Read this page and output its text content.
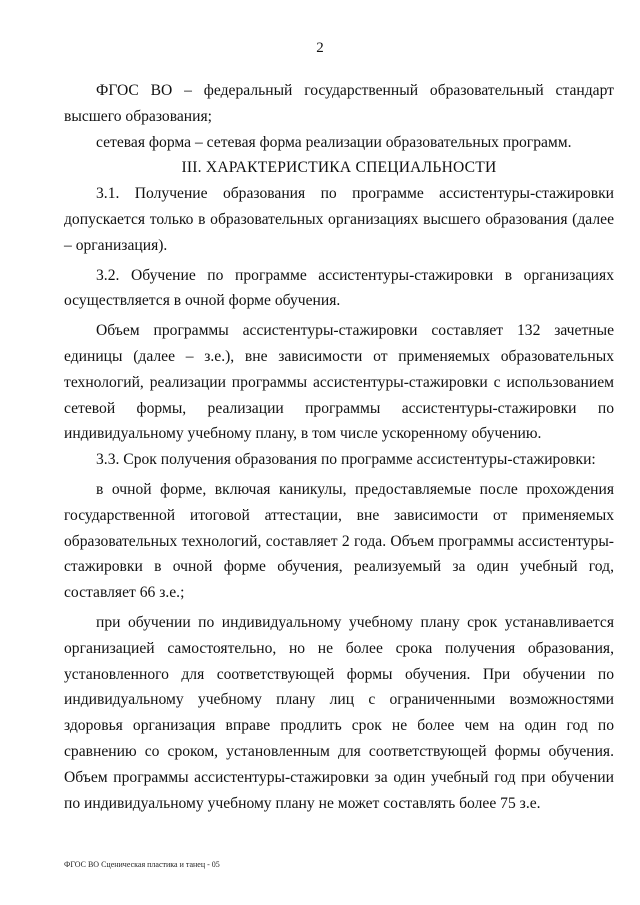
2

ФГОС ВО – федеральный государственный образовательный стандарт высшего образования;

сетевая форма – сетевая форма реализации образовательных программ.

III. ХАРАКТЕРИСТИКА СПЕЦИАЛЬНОСТИ

3.1. Получение образования по программе ассистентуры-стажировки допускается только в образовательных организациях высшего образования (далее – организация).

3.2. Обучение по программе ассистентуры-стажировки в организациях осуществляется в очной форме обучения.

Объем программы ассистентуры-стажировки составляет 132 зачетные единицы (далее – з.е.), вне зависимости от применяемых образовательных технологий, реализации программы ассистентуры-стажировки с использованием сетевой формы, реализации программы ассистентуры-стажировки по индивидуальному учебному плану, в том числе ускоренному обучению.

3.3. Срок получения образования по программе ассистентуры-стажировки:

в очной форме, включая каникулы, предоставляемые после прохождения государственной итоговой аттестации, вне зависимости от применяемых образовательных технологий, составляет 2 года. Объем программы ассистентуры-стажировки в очной форме обучения, реализуемый за один учебный год, составляет 66 з.е.;

при обучении по индивидуальному учебному плану срок устанавливается организацией самостоятельно, но не более срока получения образования, установленного для соответствующей формы обучения. При обучении по индивидуальному учебному плану лиц с ограниченными возможностями здоровья организация вправе продлить срок не более чем на один год по сравнению со сроком, установленным для соответствующей формы обучения. Объем программы ассистентуры-стажировки за один учебный год при обучении по индивидуальному учебному плану не может составлять более 75 з.е.

ФГОС ВО Сценическая пластика и танец - 05
